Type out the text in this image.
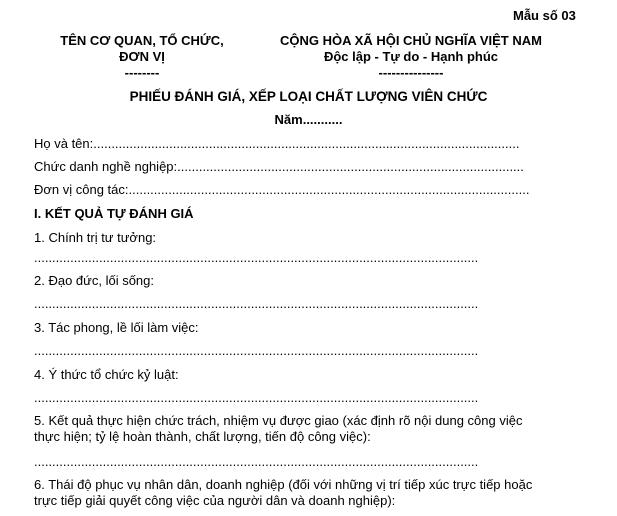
Mẫu số 03
TÊN CƠ QUAN, TỔ CHỨC,
ĐƠN VỊ
--------
CỘNG HÒA XÃ HỘI CHỦ NGHĨA VIỆT NAM
Độc lập - Tự do - Hạnh phúc
---------------
PHIẾU ĐÁNH GIÁ, XẾP LOẠI CHẤT LƯỢNG VIÊN CHỨC
Năm...........
Họ và tên:......................................................................................................................
Chức danh nghề nghiệp:................................................................................................
Đơn vị công tác:...............................................................................................................
I. KẾT QUẢ TỰ ĐÁNH GIÁ
1. Chính trị tư tưởng:
...........................................................................................................................
2. Đạo đức, lối sống:
...........................................................................................................................
3. Tác phong, lề lối làm việc:
...........................................................................................................................
4. Ý thức tổ chức kỷ luật:
...........................................................................................................................
5. Kết quả thực hiện chức trách, nhiệm vụ được giao (xác định rõ nội dung công việc
thực hiện; tỷ lệ hoàn thành, chất lượng, tiến độ công việc):
...........................................................................................................................
6. Thái độ phục vụ nhân dân, doanh nghiệp (đối với những vị trí tiếp xúc trực tiếp hoặc
trực tiếp giải quyết công việc của người dân và doanh nghiệp):
